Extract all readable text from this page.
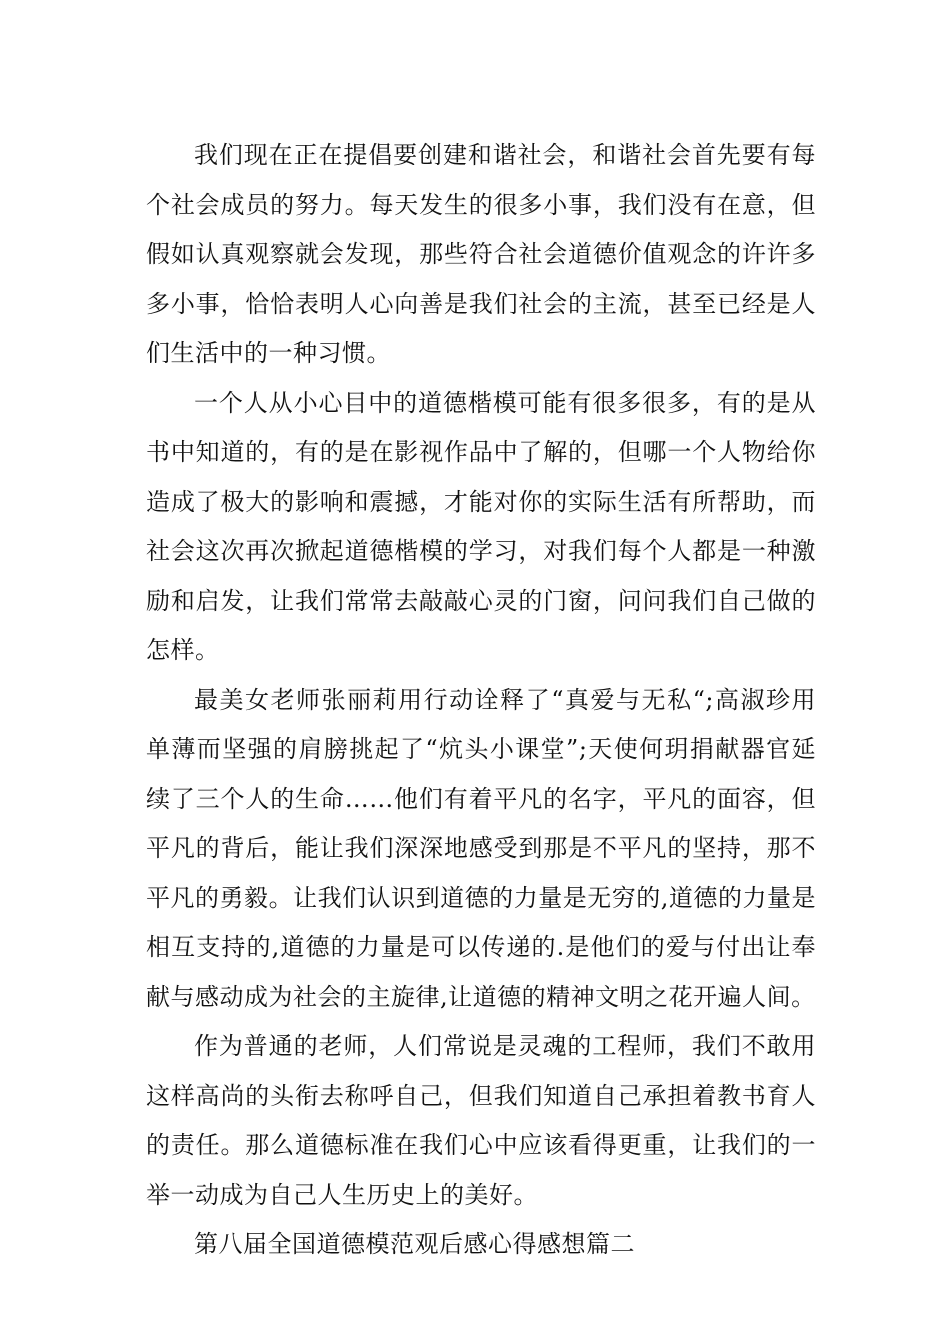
我们现在正在提倡要创建和谐社会，和谐社会首先要有每个社会成员的努力。每天发生的很多小事，我们没有在意，但假如认真观察就会发现，那些符合社会道德价值观念的许许多多小事，恰恰表明人心向善是我们社会的主流，甚至已经是人们生活中的一种习惯。

一个人从小心目中的道德楷模可能有很多很多，有的是从书中知道的，有的是在影视作品中了解的，但哪一个人物给你造成了极大的影响和震撼，才能对你的实际生活有所帮助，而社会这次再次掀起道德楷模的学习，对我们每个人都是一种激励和启发，让我们常常去敲敲心灵的门窗，问问我们自己做的怎样。

最美女老师张丽莉用行动诠释了“真爱与无私“;高淑珍用单薄而坚强的肩膀挑起了“炕头小课堂”;天使何玥捐献器官延续了三个人的生命……他们有着平凡的名字，平凡的面容，但平凡的背后，能让我们深深地感受到那是不平凡的坚持，那不平凡的勇毅。让我们认识到道德的力量是无穷的,道德的力量是相互支持的,道德的力量是可以传递的.是他们的爱与付出让奉献与感动成为社会的主旋律,让道德的精神文明之花开遍人间。

作为普通的老师，人们常说是灵魂的工程师，我们不敢用这样高尚的头衔去称呼自己，但我们知道自己承担着教书育人的责任。那么道德标准在我们心中应该看得更重，让我们的一举一动成为自己人生历史上的美好。

第八届全国道德模范观后感心得感想篇二
